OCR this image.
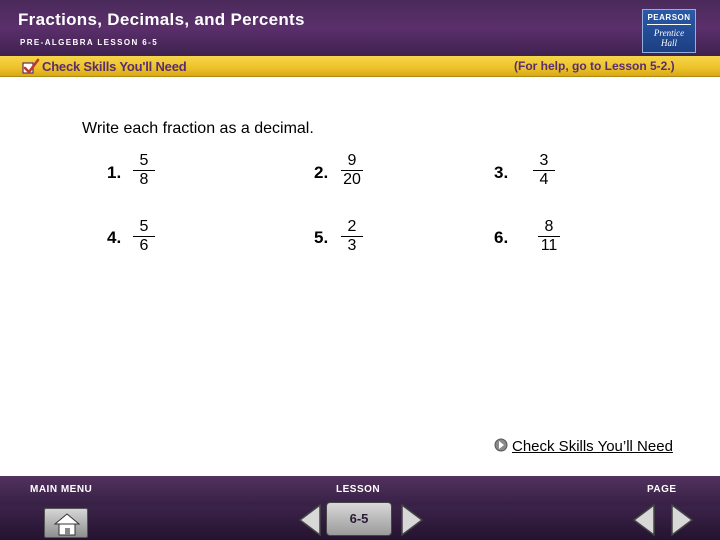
Fractions, Decimals, and Percents
PRE-ALGEBRA LESSON 6-5
PEARSON
Prentice
Hall
Check Skills You'll Need	(For help, go to Lesson 5-2.)
Write each fraction as a decimal.
1.
5
8	2.
9
20	3.
3
4
4.
5
6	5.
2
3	6.
8
11
Check Skills You’ll Need
MAIN MENU	LESSON	PAGE
6-5
